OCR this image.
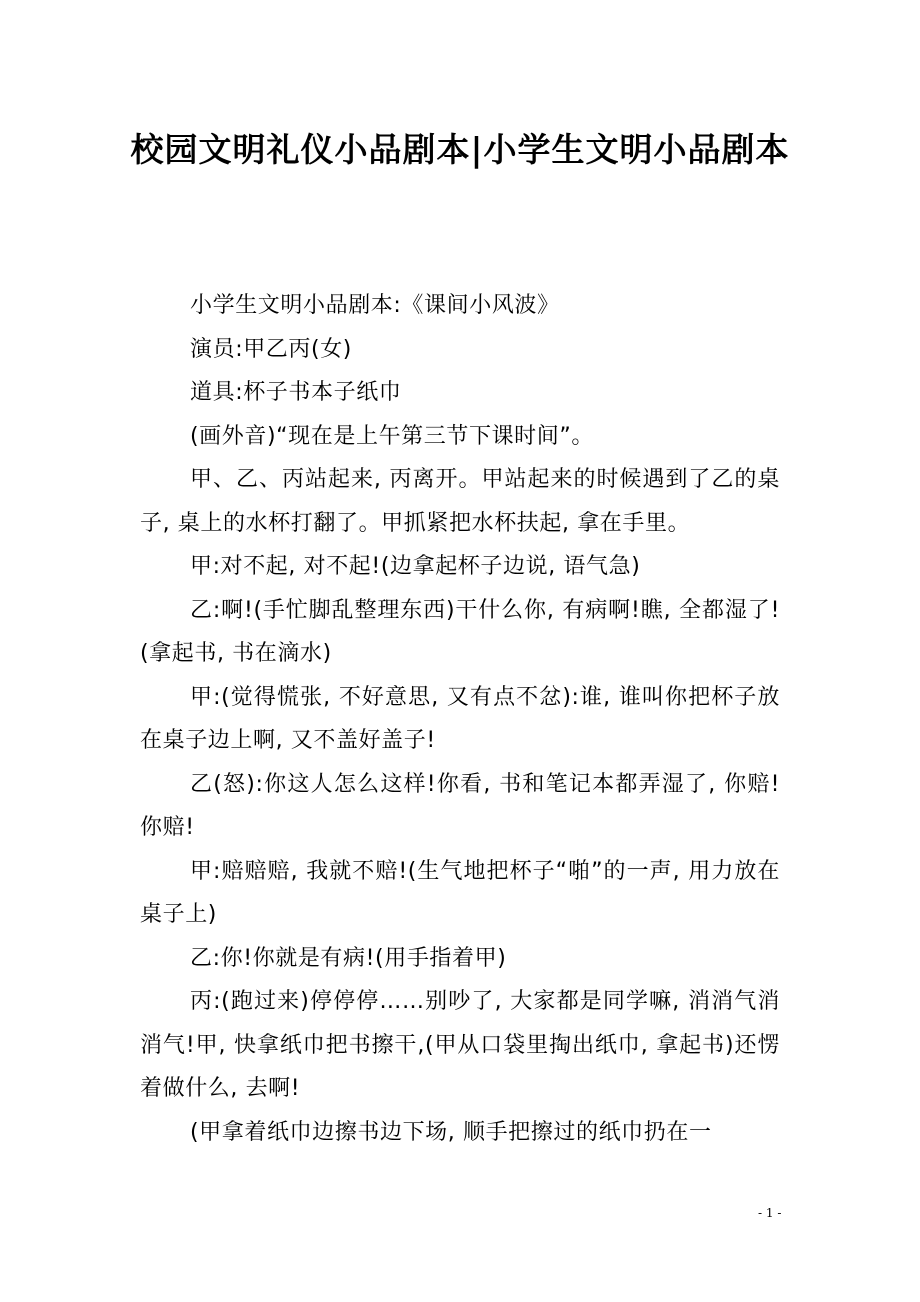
校园文明礼仪小品剧本|小学生文明小品剧本

小学生文明小品剧本:《课间小风波》

演员:甲乙丙(女)

道具:杯子书本子纸巾

(画外音)“现在是上午第三节下课时间”。

甲、乙、丙站起来, 丙离开。甲站起来的时候遇到了乙的桌子, 桌上的水杯打翻了。甲抓紧把水杯扶起, 拿在手里。

甲:对不起, 对不起!(边拿起杯子边说, 语气急)

乙:啊!(手忙脚乱整理东西)干什么你, 有病啊!瞧, 全都湿了!(拿起书, 书在滴水)

甲:(觉得慌张, 不好意思, 又有点不忿):谁, 谁叫你把杯子放在桌子边上啊, 又不盖好盖子!

乙(怒):你这人怎么这样!你看, 书和笔记本都弄湿了, 你赔!你赔!

甲:赔赔赔, 我就不赔!(生气地把杯子“啪”的一声, 用力放在桌子上)

乙:你!你就是有病!(用手指着甲)

丙:(跑过来)停停停……别吵了, 大家都是同学嘛, 消消气消消气!甲, 快拿纸巾把书擦干,(甲从口袋里掏出纸巾, 拿起书)还愣着做什么, 去啊!

(甲拿着纸巾边擦书边下场, 顺手把擦过的纸巾扔在一

- 1 -
